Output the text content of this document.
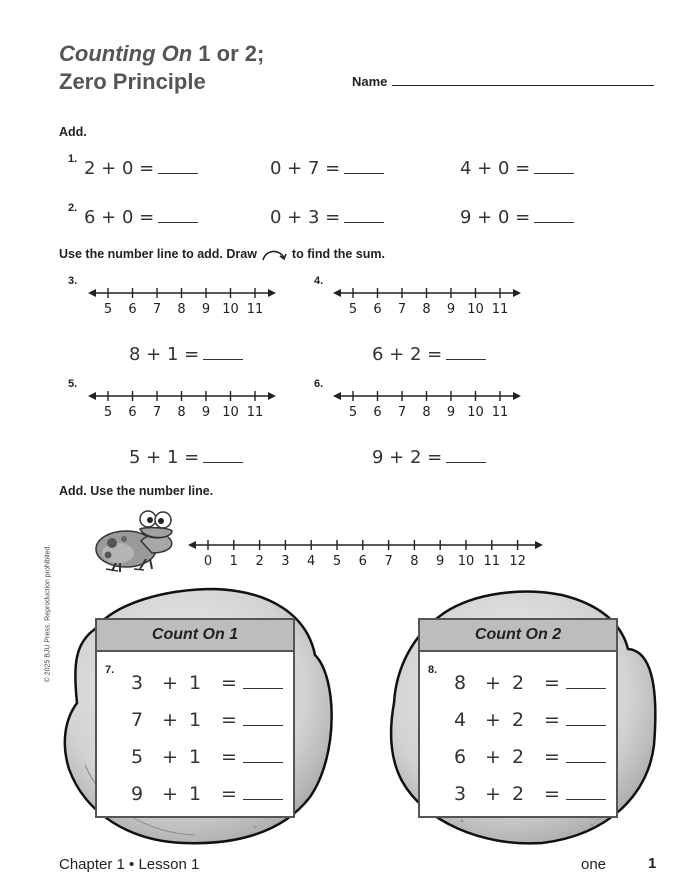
Counting On 1 or 2;
Zero Principle	Name
Add.
1. 2 + 0 =	0 + 7 =	4 + 0 =
2. 6 + 0 =	0 + 3 =	9 + 0 =
Use the number line to add. Draw	to find the sum.
3.
5 6 7 8 9 10 11
8 + 1 =
4.
5 6 7 8 9 10 11
6 + 2 =
5.
5 6 7 8 9 10 11
5 + 1 =
6.
5 6 7 8 9 10 11
9 + 2 =
Add. Use the number line.
0 1 2 3 4 5 6 7 8 9 10 11 12
Count On 1
7.
3 + 1 =
7 + 1 =
5 + 1 =
9 + 1 =
Count On 2
8.
8 + 2 =
4 + 2 =
6 + 2 =
3 + 2 =
© 2025 BJU Press. Reproduction prohibited.
Chapter 1 • Lesson 1	one	1
